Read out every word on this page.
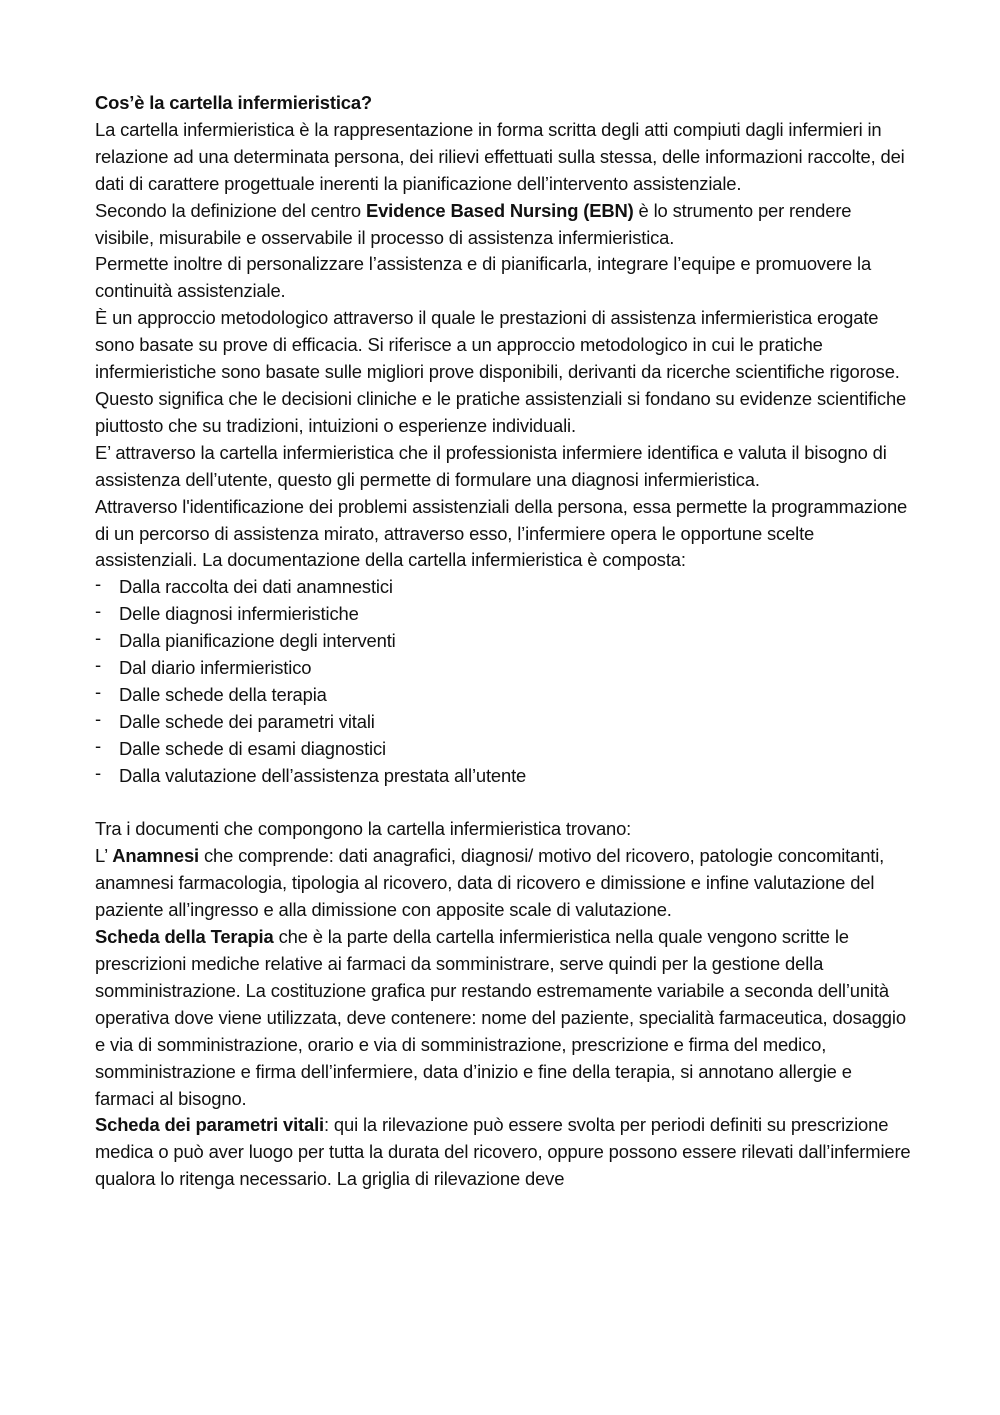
Cos’è la cartella infermieristica?

La cartella infermieristica è la rappresentazione in forma scritta degli atti compiuti dagli infermieri in relazione ad una determinata persona, dei rilievi effettuati sulla stessa, delle informazioni raccolte, dei dati di carattere progettuale inerenti la pianificazione dell’intervento assistenziale.

Secondo la definizione del centro Evidence Based Nursing (EBN) è lo strumento per rendere visibile, misurabile e osservabile il processo di assistenza infermieristica.

Permette inoltre di personalizzare l’assistenza e di pianificarla, integrare l’equipe e promuovere la continuità assistenziale.

È un approccio metodologico attraverso il quale le prestazioni di assistenza infermieristica erogate sono basate su prove di efficacia. Si riferisce a un approccio metodologico in cui le pratiche infermieristiche sono basate sulle migliori prove disponibili, derivanti da ricerche scientifiche rigorose. Questo significa che le decisioni cliniche e le pratiche assistenziali si fondano su evidenze scientifiche piuttosto che su tradizioni, intuizioni o esperienze individuali.

E’ attraverso la cartella infermieristica che il professionista infermiere identifica e valuta il bisogno di assistenza dell’utente, questo gli permette di formulare una diagnosi infermieristica.

Attraverso l'identificazione dei problemi assistenziali della persona, essa permette la programmazione di un percorso di assistenza mirato, attraverso esso, l’infermiere opera le opportune scelte assistenziali. La documentazione della cartella infermieristica è composta:

- Dalla raccolta dei dati anamnestici
- Delle diagnosi infermieristiche
- Dalla pianificazione degli interventi
- Dal diario infermieristico
- Dalle schede della terapia
- Dalle schede dei parametri vitali
- Dalle schede di esami diagnostici
- Dalla valutazione dell’assistenza prestata all’utente

Tra i documenti che compongono la cartella infermieristica trovano:

L’ Anamnesi che comprende: dati anagrafici, diagnosi/ motivo del ricovero, patologie concomitanti, anamnesi farmacologia, tipologia al ricovero, data di ricovero e dimissione e infine valutazione del paziente all’ingresso e alla dimissione con apposite scale di valutazione.

Scheda della Terapia che è la parte della cartella infermieristica nella quale vengono scritte le prescrizioni mediche relative ai farmaci da somministrare, serve quindi per la gestione della somministrazione. La costituzione grafica pur restando estremamente variabile a seconda dell’unità operativa dove viene utilizzata, deve contenere: nome del paziente, specialità farmaceutica, dosaggio e via di somministrazione, orario e via di somministrazione, prescrizione e firma del medico, somministrazione e firma dell’infermiere, data d’inizio e fine della terapia, si annotano allergie e farmaci al bisogno.

Scheda dei parametri vitali: qui la rilevazione può essere svolta per periodi definiti su prescrizione medica o può aver luogo per tutta la durata del ricovero, oppure possono essere rilevati dall’infermiere qualora lo ritenga necessario. La griglia di rilevazione deve
